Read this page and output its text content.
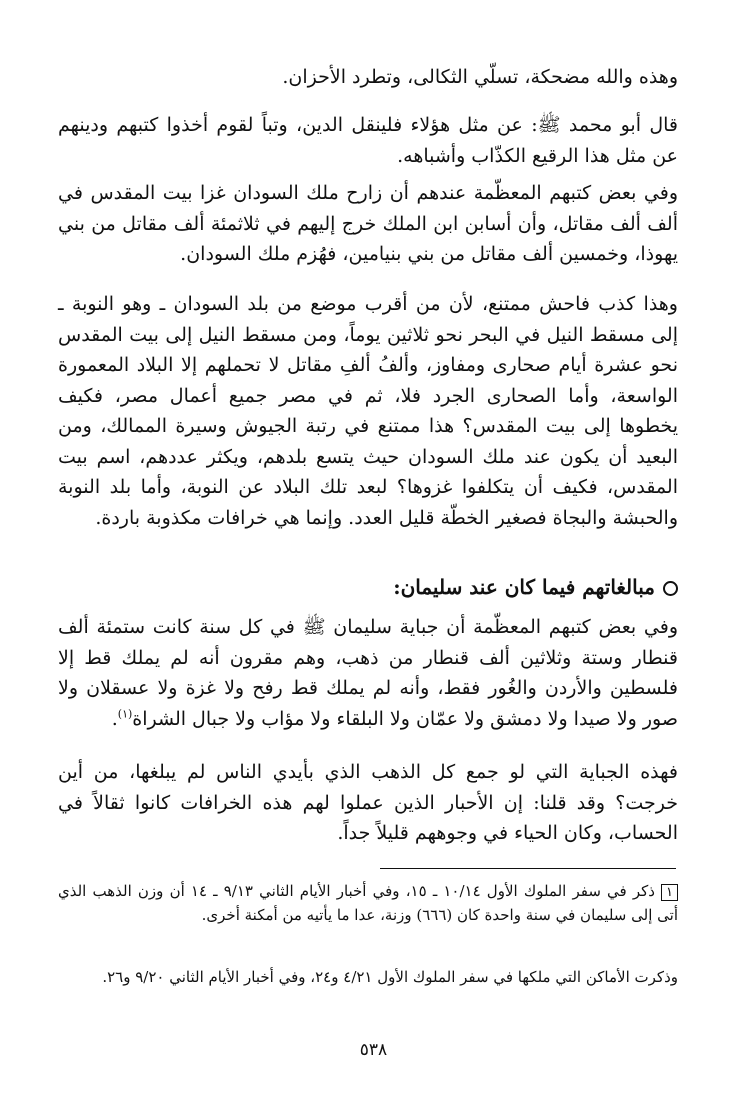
وهذه والله مضحكة، تسلّي الثكالى، وتطرد الأحزان.

قال أبو محمد ﷺ: عن مثل هؤلاء فلينقل الدين، وتباً لقوم أخذوا كتبهم ودينهم عن مثل هذا الرقيع الكذّاب وأشباهه.

وفي بعض كتبهم المعظّمة عندهم أن زارح ملك السودان غزا بيت المقدس في ألف ألف مقاتل، وأن أسابن ابن الملك خرج إليهم في ثلاثمئة ألف مقاتل من بني يهوذا، وخمسين ألف مقاتل من بني بنيامين، فهُزم ملك السودان.

وهذا كذب فاحش ممتنع، لأن من أقرب موضع من بلد السودان ـ وهو النوبة ـ إلى مسقط النيل في البحر نحو ثلاثين يوماً، ومن مسقط النيل إلى بيت المقدس نحو عشرة أيام صحارى ومفاوز، وألفُ ألفِ مقاتل لا تحملهم إلا البلاد المعمورة الواسعة، وأما الصحارى الجرد فلا، ثم في مصر جميع أعمال مصر، فكيف يخطوها إلى بيت المقدس؟ هذا ممتنع في رتبة الجيوش وسيرة الممالك، ومن البعيد أن يكون عند ملك السودان حيث يتسع بلدهم، ويكثر عددهم، اسم بيت المقدس، فكيف أن يتكلفوا غزوها؟ لبعد تلك البلاد عن النوبة، وأما بلد النوبة والحبشة والبجاة فصغير الخطّة قليل العدد. وإنما هي خرافات مكذوبة باردة.

مبالغاتهم فيما كان عند سليمان:

وفي بعض كتبهم المعظّمة أن جباية سليمان ﷺ في كل سنة كانت ستمئة ألف قنطار وستة وثلاثين ألف قنطار من ذهب، وهم مقرون أنه لم يملك قط إلا فلسطين والأردن والغُور فقط، وأنه لم يملك قط رفح ولا غزة ولا عسقلان ولا صور ولا صيدا ولا دمشق ولا عمّان ولا البلقاء ولا مؤاب ولا جبال الشراة$^{(١)}$.

فهذه الجباية التي لو جمع كل الذهب الذي بأيدي الناس لم يبلغها، من أين خرجت؟ وقد قلنا: إن الأحبار الذين عملوا لهم هذه الخرافات كانوا ثقالاً في الحساب، وكان الحياء في وجوههم قليلاً جداً.

١ذكر في سفر الملوك الأول ١٠/١٤ ـ ١٥، وفي أخبار الأيام الثاني ٩/١٣ ـ ١٤ أن وزن الذهب الذي أتى إلى سليمان في سنة واحدة كان (٦٦٦) وزنة، عدا ما يأتيه من أمكنة أخرى.

وذكرت الأماكن التي ملكها في سفر الملوك الأول ٤/٢١ و٢٤، وفي أخبار الأيام الثاني ٩/٢٠ و٢٦.

٥٣٨
